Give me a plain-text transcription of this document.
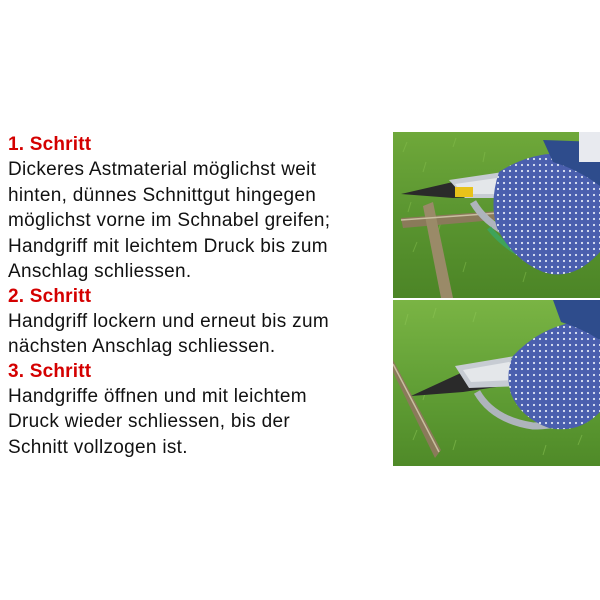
1. Schritt

Dickeres Astmaterial möglichst weit
hinten, dünnes Schnittgut hingegen
möglichst vorne im Schnabel greifen;
Handgriff mit leichtem Druck bis zum
Anschlag schliessen.

2. Schritt

Handgriff lockern und erneut bis zum
nächsten Anschlag schliessen.

3. Schritt

Handgriffe öffnen und mit leichtem
Druck wieder schliessen, bis der
Schnitt vollzogen ist.
